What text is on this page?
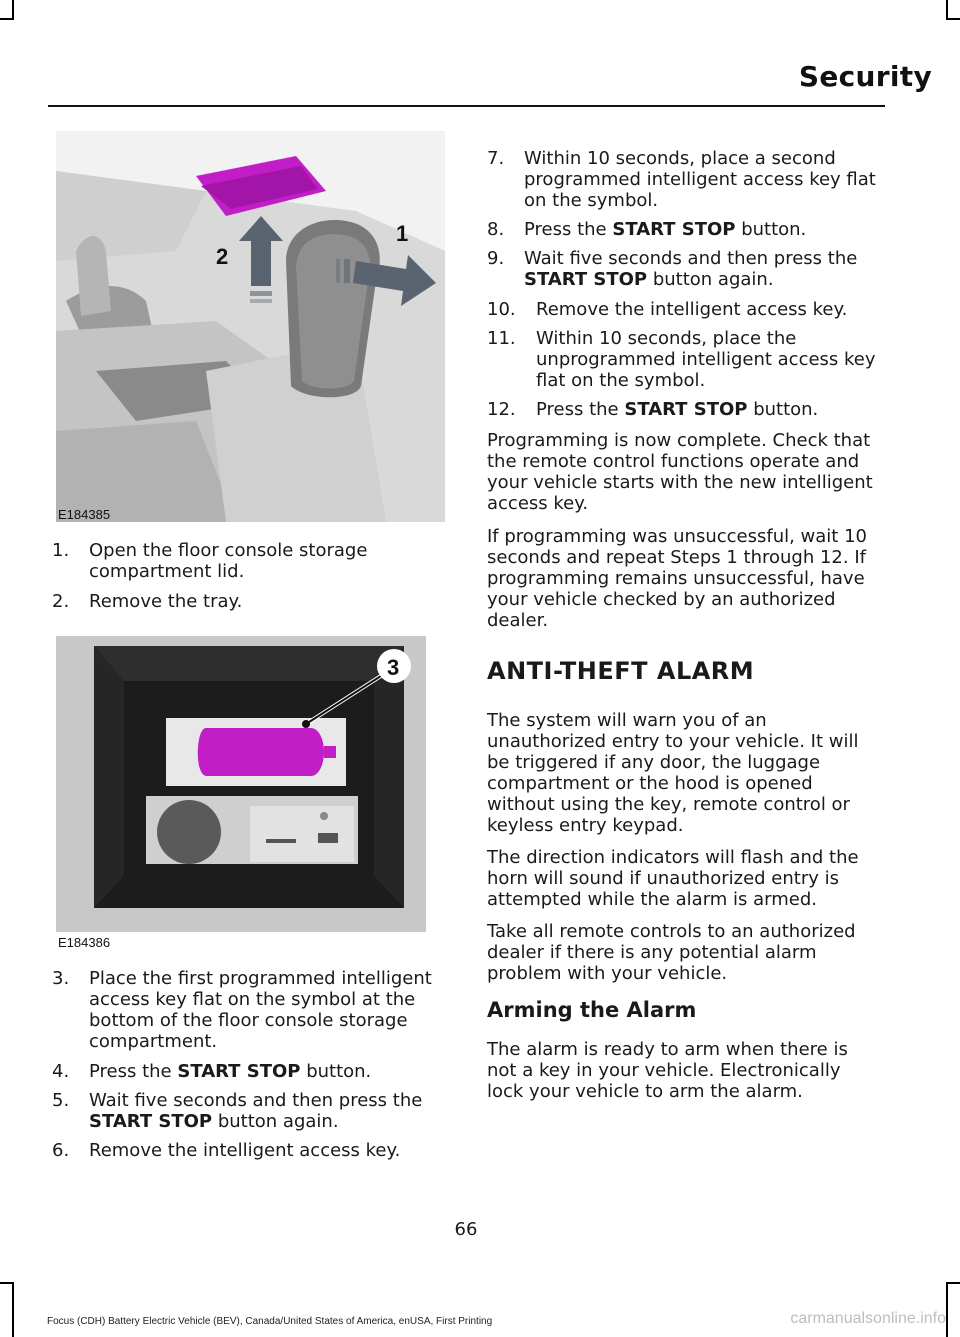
Security
1
2
E184385
1. Open the floor console storage compartment lid.
2. Remove the tray.
3
E184386
3. Place the first programmed intelligent access key flat on the symbol at the bottom of the floor console storage compartment.
4. Press the START STOP button.
5. Wait five seconds and then press the START STOP button again.
6. Remove the intelligent access key.
7. Within 10 seconds, place a second programmed intelligent access key flat on the symbol.
8. Press the START STOP button.
9. Wait five seconds and then press the START STOP button again.
10. Remove the intelligent access key.
11. Within 10 seconds, place the unprogrammed intelligent access key flat on the symbol.
12. Press the START STOP button.
Programming is now complete. Check that the remote control functions operate and your vehicle starts with the new intelligent access key.
If programming was unsuccessful, wait 10 seconds and repeat Steps 1 through 12. If programming remains unsuccessful, have your vehicle checked by an authorized dealer.
ANTI-THEFT ALARM
The system will warn you of an unauthorized entry to your vehicle. It will be triggered if any door, the luggage compartment or the hood is opened without using the key, remote control or keyless entry keypad.
The direction indicators will flash and the horn will sound if unauthorized entry is attempted while the alarm is armed.
Take all remote controls to an authorized dealer if there is any potential alarm problem with your vehicle.
Arming the Alarm
The alarm is ready to arm when there is not a key in your vehicle. Electronically lock your vehicle to arm the alarm.
66
Focus (CDH) Battery Electric Vehicle (BEV), Canada/United States of America, enUSA, First Printing	carmanualsonline.info
